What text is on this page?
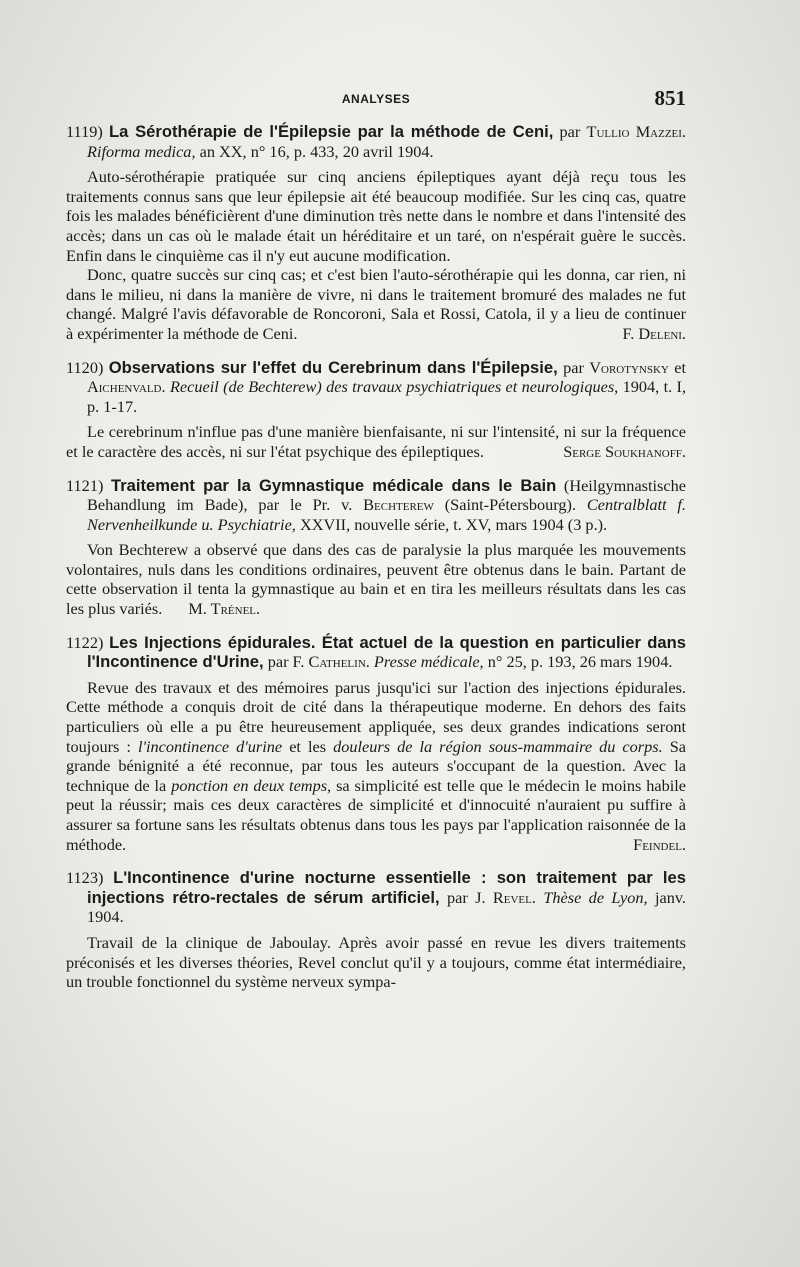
ANALYSES	851

1119) La Sérothérapie de l'Épilepsie par la méthode de Ceni, par Tullio Mazzei. Riforma medica, an XX, n° 16, p. 433, 20 avril 1904.

Auto-sérothérapie pratiquée sur cinq anciens épileptiques ayant déjà reçu tous les traitements connus sans que leur épilepsie ait été beaucoup modifiée. Sur les cinq cas, quatre fois les malades bénéficièrent d'une diminution très nette dans le nombre et dans l'intensité des accès; dans un cas où le malade était un héréditaire et un taré, on n'espérait guère le succès. Enfin dans le cinquième cas il n'y eut aucune modification.

Donc, quatre succès sur cinq cas; et c'est bien l'auto-sérothérapie qui les donna, car rien, ni dans le milieu, ni dans la manière de vivre, ni dans le traitement bromuré des malades ne fut changé. Malgré l'avis défavorable de Roncoroni, Sala et Rossi, Catola, il y a lieu de continuer à expérimenter la méthode de Ceni.	F. Deleni.

1120) Observations sur l'effet du Cerebrinum dans l'Épilepsie, par Vorotynsky et Aichenvald. Recueil (de Bechterew) des travaux psychiatriques et neurologiques, 1904, t. I, p. 1-17.

Le cerebrinum n'influe pas d'une manière bienfaisante, ni sur l'intensité, ni sur la fréquence et le caractère des accès, ni sur l'état psychique des épileptiques.	Serge Soukhanoff.

1121) Traitement par la Gymnastique médicale dans le Bain (Heilgymnastische Behandlung im Bade), par le Pr. v. Bechterew (Saint-Pétersbourg). Centralblatt f. Nervenheilkunde u. Psychiatrie, XXVII, nouvelle série, t. XV, mars 1904 (3 p.).

Von Bechterew a observé que dans des cas de paralysie la plus marquée les mouvements volontaires, nuls dans les conditions ordinaires, peuvent être obtenus dans le bain. Partant de cette observation il tenta la gymnastique au bain et en tira les meilleurs résultats dans les cas les plus variés. M. Trénel.

1122) Les Injections épidurales. État actuel de la question en particulier dans l'Incontinence d'Urine, par F. Cathelin. Presse médicale, n° 25, p. 193, 26 mars 1904.

Revue des travaux et des mémoires parus jusqu'ici sur l'action des injections épidurales. Cette méthode a conquis droit de cité dans la thérapeutique moderne. En dehors des faits particuliers où elle a pu être heureusement appliquée, ses deux grandes indications seront toujours : l'incontinence d'urine et les douleurs de la région sous-mammaire du corps. Sa grande bénignité a été reconnue, par tous les auteurs s'occupant de la question. Avec la technique de la ponction en deux temps, sa simplicité est telle que le médecin le moins habile peut la réussir; mais ces deux caractères de simplicité et d'innocuité n'auraient pu suffire à assurer sa fortune sans les résultats obtenus dans tous les pays par l'application raisonnée de la méthode.	Feindel.

1123) L'Incontinence d'urine nocturne essentielle : son traitement par les injections rétro-rectales de sérum artificiel, par J. Revel. Thèse de Lyon, janv. 1904.

Travail de la clinique de Jaboulay. Après avoir passé en revue les divers traitements préconisés et les diverses théories, Revel conclut qu'il y a toujours, comme état intermédiaire, un trouble fonctionnel du système nerveux sympa-
